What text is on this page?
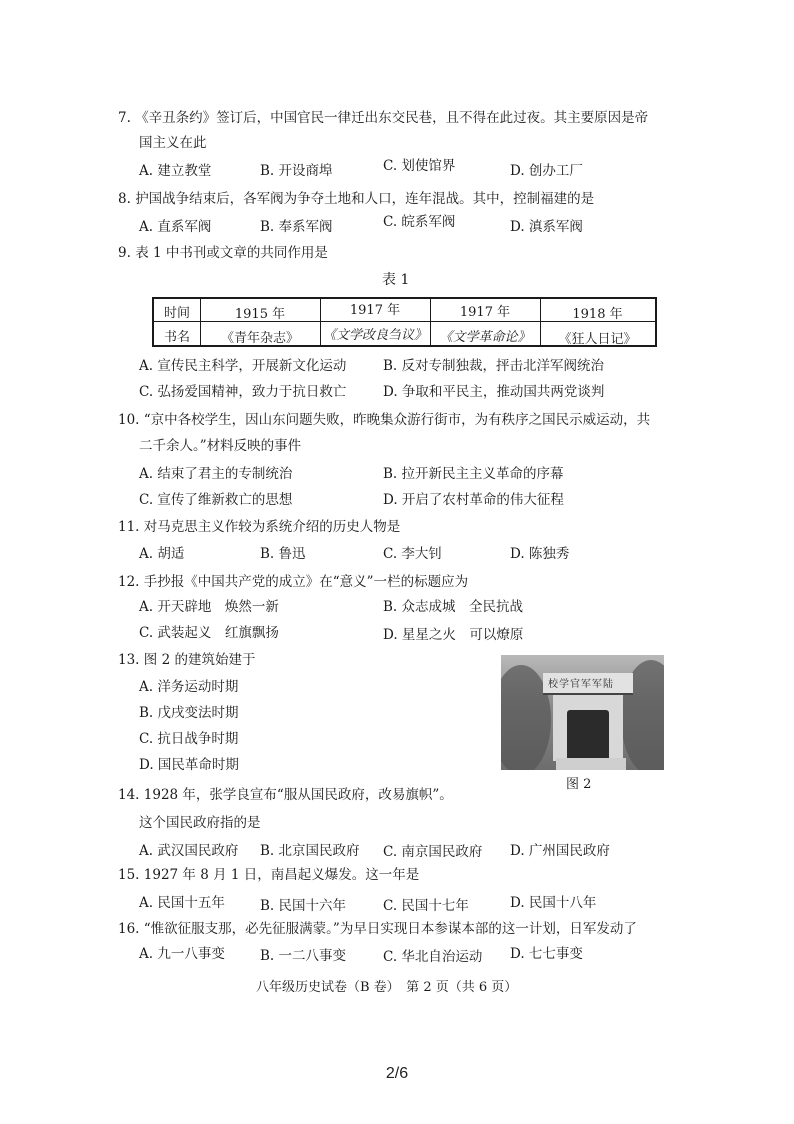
7. 《辛丑条约》签订后，中国官民一律迁出东交民巷，且不得在此过夜。其主要原因是帝
国主义在此
A. 建立教堂	B. 开设商埠	C. 划使馆界	D. 创办工厂
8. 护国战争结束后，各军阀为争夺土地和人口，连年混战。其中，控制福建的是
A. 直系军阀	B. 奉系军阀	C. 皖系军阀	D. 滇系军阀
9. 表 1 中书刊或文章的共同作用是
表 1
时间	1915 年	1917 年	1917 年	1918 年
书名	《青年杂志》	《文学改良刍议》 《文学革命论》	《狂人日记》
A. 宣传民主科学，开展新文化运动	B. 反对专制独裁，抨击北洋军阀统治
C. 弘扬爱国精神，致力于抗日救亡	D. 争取和平民主，推动国共两党谈判
10. “京中各校学生，因山东问题失败，昨晚集众游行街市，为有秩序之国民示威运动，共
二千余人。”材料反映的事件
A. 结束了君主的专制统治	B. 拉开新民主主义革命的序幕
C. 宣传了维新救亡的思想	D. 开启了农村革命的伟大征程
11. 对马克思主义作较为系统介绍的历史人物是
A. 胡适	B. 鲁迅	C. 李大钊	D. 陈独秀
12. 手抄报《中国共产党的成立》在“意义”一栏的标题应为
A. 开天辟地　焕然一新	B. 众志成城　全民抗战
C. 武装起义　红旗飘扬	D. 星星之火　可以燎原
13. 图 2 的建筑始建于
A. 洋务运动时期
B. 戊戌变法时期
C. 抗日战争时期
D. 国民革命时期
校学官军军陆
图 2
14. 1928 年，张学良宣布“服从国民政府，改易旗帜”。
这个国民政府指的是
A. 武汉国民政府 B. 北京国民政府 C. 南京国民政府 D. 广州国民政府
15. 1927 年 8 月 1 日，南昌起义爆发。这一年是
A. 民国十五年	B. 民国十六年	C. 民国十七年	D. 民国十八年
16. “惟欲征服支那，必先征服满蒙。”为早日实现日本参谋本部的这一计划，日军发动了
A. 九一八事变	B. 一二八事变	C. 华北自治运动 D. 七七事变
八年级历史试卷（B 卷）　第 2 页（共 6 页）
2/6
